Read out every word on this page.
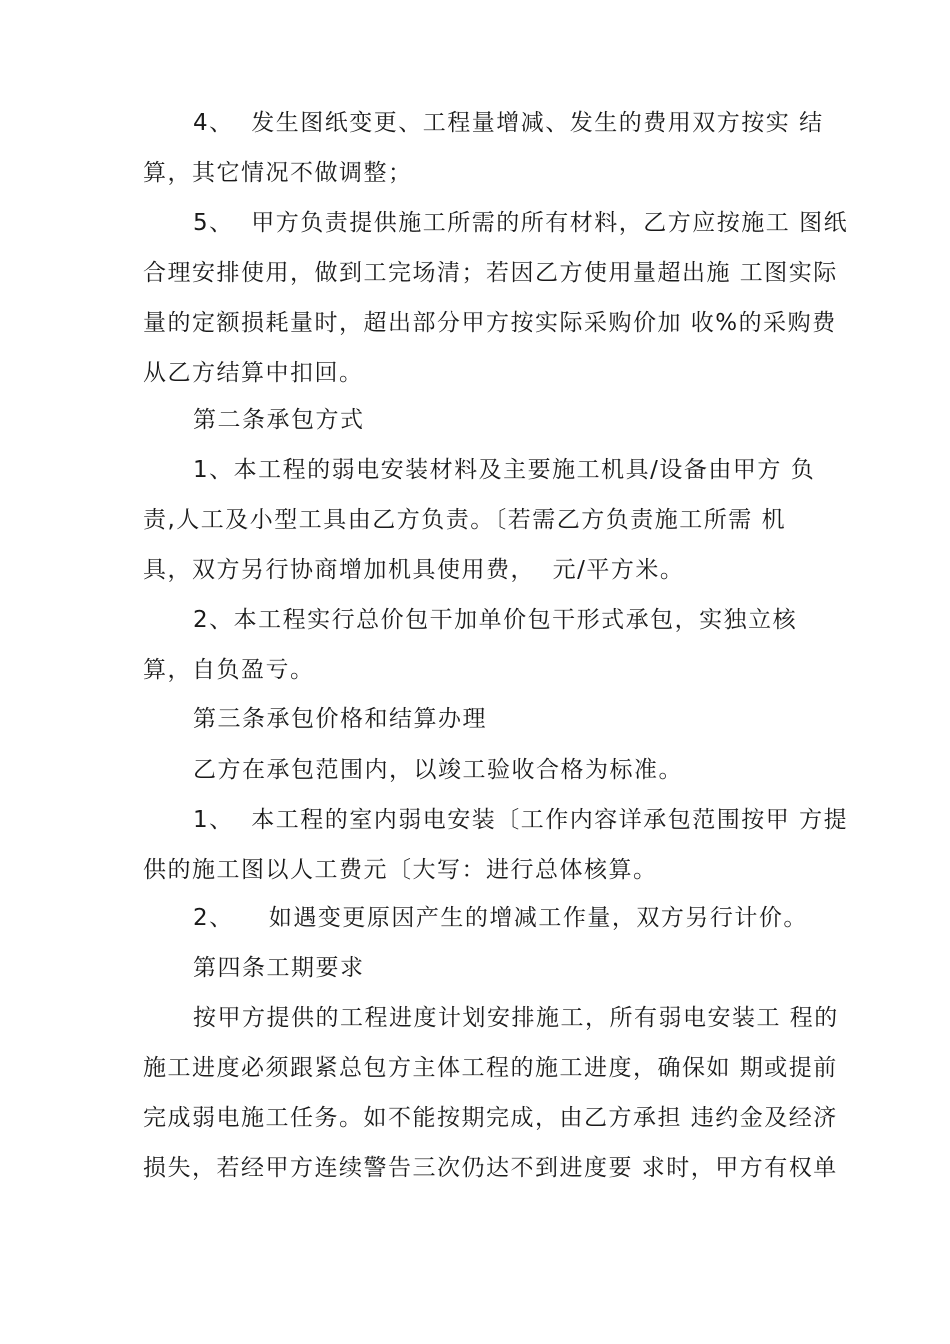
4、  发生图纸变更、工程量增减、发生的费用双方按实 结
算，其它情况不做调整；
5、  甲方负责提供施工所需的所有材料，乙方应按施工 图纸
合理安排使用，做到工完场清；若因乙方使用量超出施 工图实际
量的定额损耗量时，超出部分甲方按实际采购价加 收%的采购费
从乙方结算中扣回。
第二条承包方式
1、本工程的弱电安装材料及主要施工机具/设备由甲方 负
责,人工及小型工具由乙方负责。〔若需乙方负责施工所需 机
具，双方另行协商增加机具使用费，  元/平方米。
2、本工程实行总价包干加单价包干形式承包，实独立核
算，自负盈亏。
第三条承包价格和结算办理
乙方在承包范围内，以竣工验收合格为标准。
1、  本工程的室内弱电安装〔工作内容详承包范围按甲 方提
供的施工图以人工费元〔大写：进行总体核算。
2、    如遇变更原因产生的增减工作量，双方另行计价。
第四条工期要求
按甲方提供的工程进度计划安排施工，所有弱电安装工 程的
施工进度必须跟紧总包方主体工程的施工进度，确保如 期或提前
完成弱电施工任务。如不能按期完成，由乙方承担 违约金及经济
损失，若经甲方连续警告三次仍达不到进度要 求时，甲方有权单
